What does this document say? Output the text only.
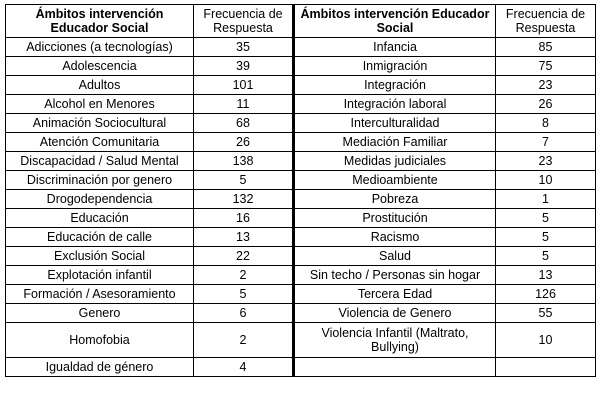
Ámbitos intervención Educador Social	Frecuencia de Respuesta	Ámbitos intervención Educador Social	Frecuencia de Respuesta
Adicciones (a tecnologías)	35	Infancia	85
Adolescencia	39	Inmigración	75
Adultos	101	Integración	23
Alcohol en Menores	11	Integración laboral	26
Animación Sociocultural	68	Interculturalidad	8
Atención Comunitaria	26	Mediación Familiar	7
Discapacidad / Salud Mental	138	Medidas judiciales	23
Discriminación por genero	5	Medioambiente	10
Drogodependencia	132	Pobreza	1
Educación	16	Prostitución	5
Educación de calle	13	Racismo	5
Exclusión Social	22	Salud	5
Explotación infantil	2	Sin techo / Personas sin hogar	13
Formación / Asesoramiento	5	Tercera Edad	126
Genero	6	Violencia de Genero	55
Homofobia	2	Violencia Infantil (Maltrato, Bullying)	10
Igualdad de género	4		
